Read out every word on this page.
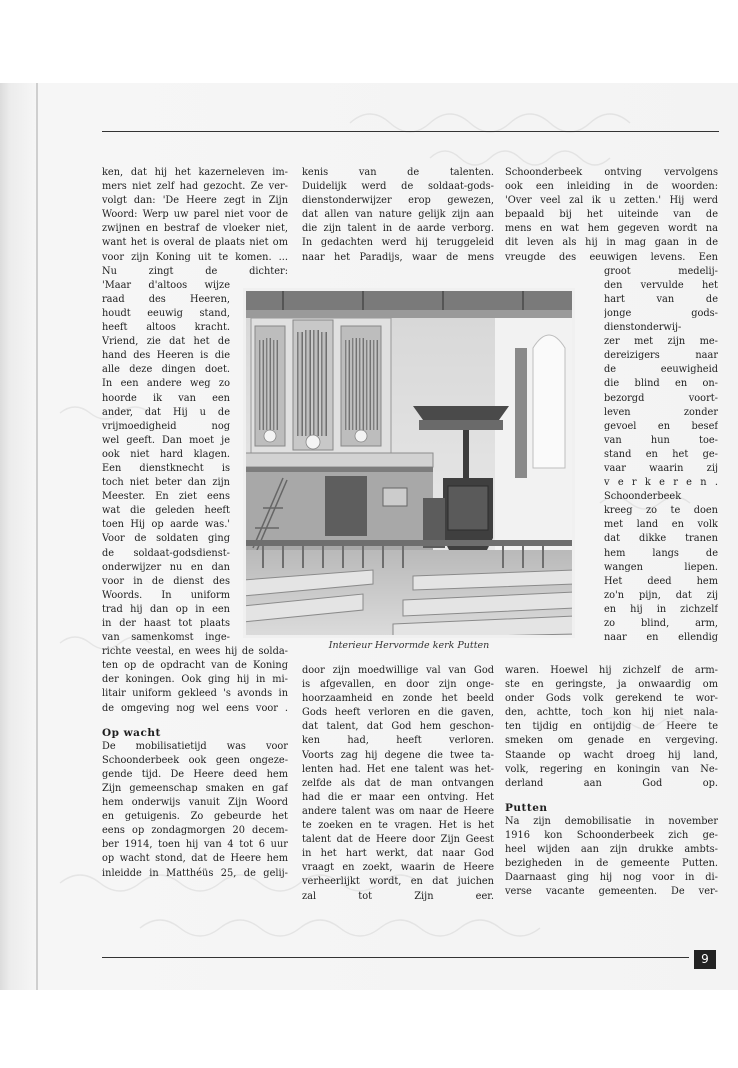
ken, dat hij het kazerneleven im-

mers niet zelf had gezocht. Ze ver-

volgt dan: 'De Heere zegt in Zijn

Woord: Werp uw parel niet voor de

zwijnen en bestraf de vloeker niet,

want het is overal de plaats niet om

voor zijn Koning uit te komen. ...

Nu zingt de dichter:

'Maar d'altoos wijze

raad des Heeren,

houdt eeuwig stand,

heeft altoos kracht.

Vriend, zie dat het de

hand des Heeren is die

alle deze dingen doet.

In een andere weg zo

hoorde ik van een

ander, dat Hij u de

vrijmoedigheid nog

wel geeft. Dan moet je

ook niet hard klagen.

Een dienstknecht is

toch niet beter dan zijn

Meester. En ziet eens

wat die geleden heeft

toen Hij op aarde was.'

Voor de soldaten ging

de soldaat-godsdienst-

onderwijzer nu en dan

voor in de dienst des

Woords. In uniform

trad hij dan op in een

in der haast tot plaats

van samenkomst inge-

richte veestal, en wees hij de solda-

ten op de opdracht van de Koning

der koningen. Ook ging hij in mi-

litair uniform gekleed 's avonds in

de omgeving nog wel eens voor .

Op wacht

De mobilisatietijd was voor

Schoonderbeek ook geen ongeze-

gende tijd. De Heere deed hem

Zijn gemeenschap smaken en gaf

hem onderwijs vanuit Zijn Woord

en getuigenis. Zo gebeurde het

eens op zondagmorgen 20 decem-

ber 1914, toen hij van 4 tot 6 uur

op wacht stond, dat de Heere hem

inleidde in Matthéüs 25, de gelij-

kenis van de talenten.

Duidelijk werd de soldaat-gods-

dienstonderwijzer erop gewezen,

dat allen van nature gelijk zijn aan

die zijn talent in de aarde verborg.

In gedachten werd hij teruggeleid

naar het Paradijs, waar de mens

door zijn moedwillige val van God

is afgevallen, en door zijn onge-

hoorzaamheid en zonde het beeld

Gods heeft verloren en die gaven,

dat talent, dat God hem geschon-

ken had, heeft verloren.

Voorts zag hij degene die twee ta-

lenten had. Het ene talent was het-

zelfde als dat de man ontvangen

had die er maar een ontving. Het

andere talent was om naar de Heere

te zoeken en te vragen. Het is het

talent dat de Heere door Zijn Geest

in het hart werkt, dat naar God

vraagt en zoekt, waarin de Heere

verheerlijkt wordt, en dat juichen

zal tot Zijn eer.

Schoonderbeek ontving vervolgens

ook een inleiding in de woorden:

'Over veel zal ik u zetten.' Hij werd

bepaald bij het uiteinde van de

mens en wat hem gegeven wordt na

dit leven als hij in mag gaan in de

vreugde des eeuwigen levens. Een

groot medelij-

den vervulde het

hart van de

jonge gods-

dienstonderwij-

zer met zijn me-

dereizigers naar

de eeuwigheid

die blind en on-

bezorgd voort-

leven zonder

gevoel en besef

van hun toe-

stand en het ge-

vaar waarin zij

v e r k e r e n .

Schoonderbeek

kreeg zo te doen

met land en volk

dat dikke tranen

hem langs de

wangen liepen.

Het deed hem

zo'n pijn, dat zij

en hij in zichzelf

zo blind, arm,

naar en ellendig

waren. Hoewel hij zichzelf de arm-

ste en geringste, ja onwaardig om

onder Gods volk gerekend te wor-

den, achtte, toch kon hij niet nala-

ten tijdig en ontijdig de Heere te

smeken om genade en vergeving.

Staande op wacht droeg hij land,

volk, regering en koningin van Ne-

derland aan God op.

Putten

Na zijn demobilisatie in november

1916 kon Schoonderbeek zich ge-

heel wijden aan zijn drukke ambts-

bezigheden in de gemeente Putten.

Daarnaast ging hij nog voor in di-

verse vacante gemeenten. De ver-

Interieur Hervormde kerk Putten
9
